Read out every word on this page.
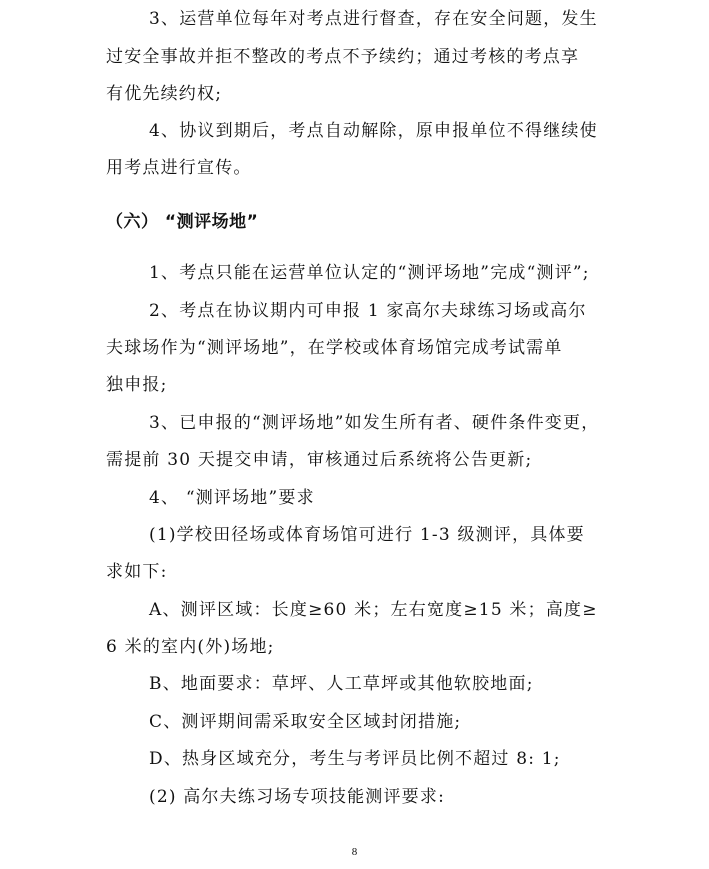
3、运营单位每年对考点进行督查，存在安全问题，发生
过安全事故并拒不整改的考点不予续约；通过考核的考点享
有优先续约权;
4、协议到期后，考点自动解除，原申报单位不得继续使
用考点进行宣传。
（六） “测评场地”
1、考点只能在运营单位认定的“测评场地”完成“测评”;
2、考点在协议期内可申报 1 家高尔夫球练习场或高尔
夫球场作为“测评场地”，在学校或体育场馆完成考试需单
独申报;
3、已申报的“测评场地”如发生所有者、硬件条件变更，
需提前 30 天提交申请，审核通过后系统将公告更新;
4、 “测评场地”要求
(1)学校田径场或体育场馆可进行 1-3 级测评，具体要
求如下:
A、测评区域：长度≥60 米；左右宽度≥15 米；高度≥
6 米的室内(外)场地;
B、地面要求：草坪、人工草坪或其他软胶地面;
C、测评期间需采取安全区域封闭措施;
D、热身区域充分，考生与考评员比例不超过 8: 1;
(2) 高尔夫练习场专项技能测评要求:
8
